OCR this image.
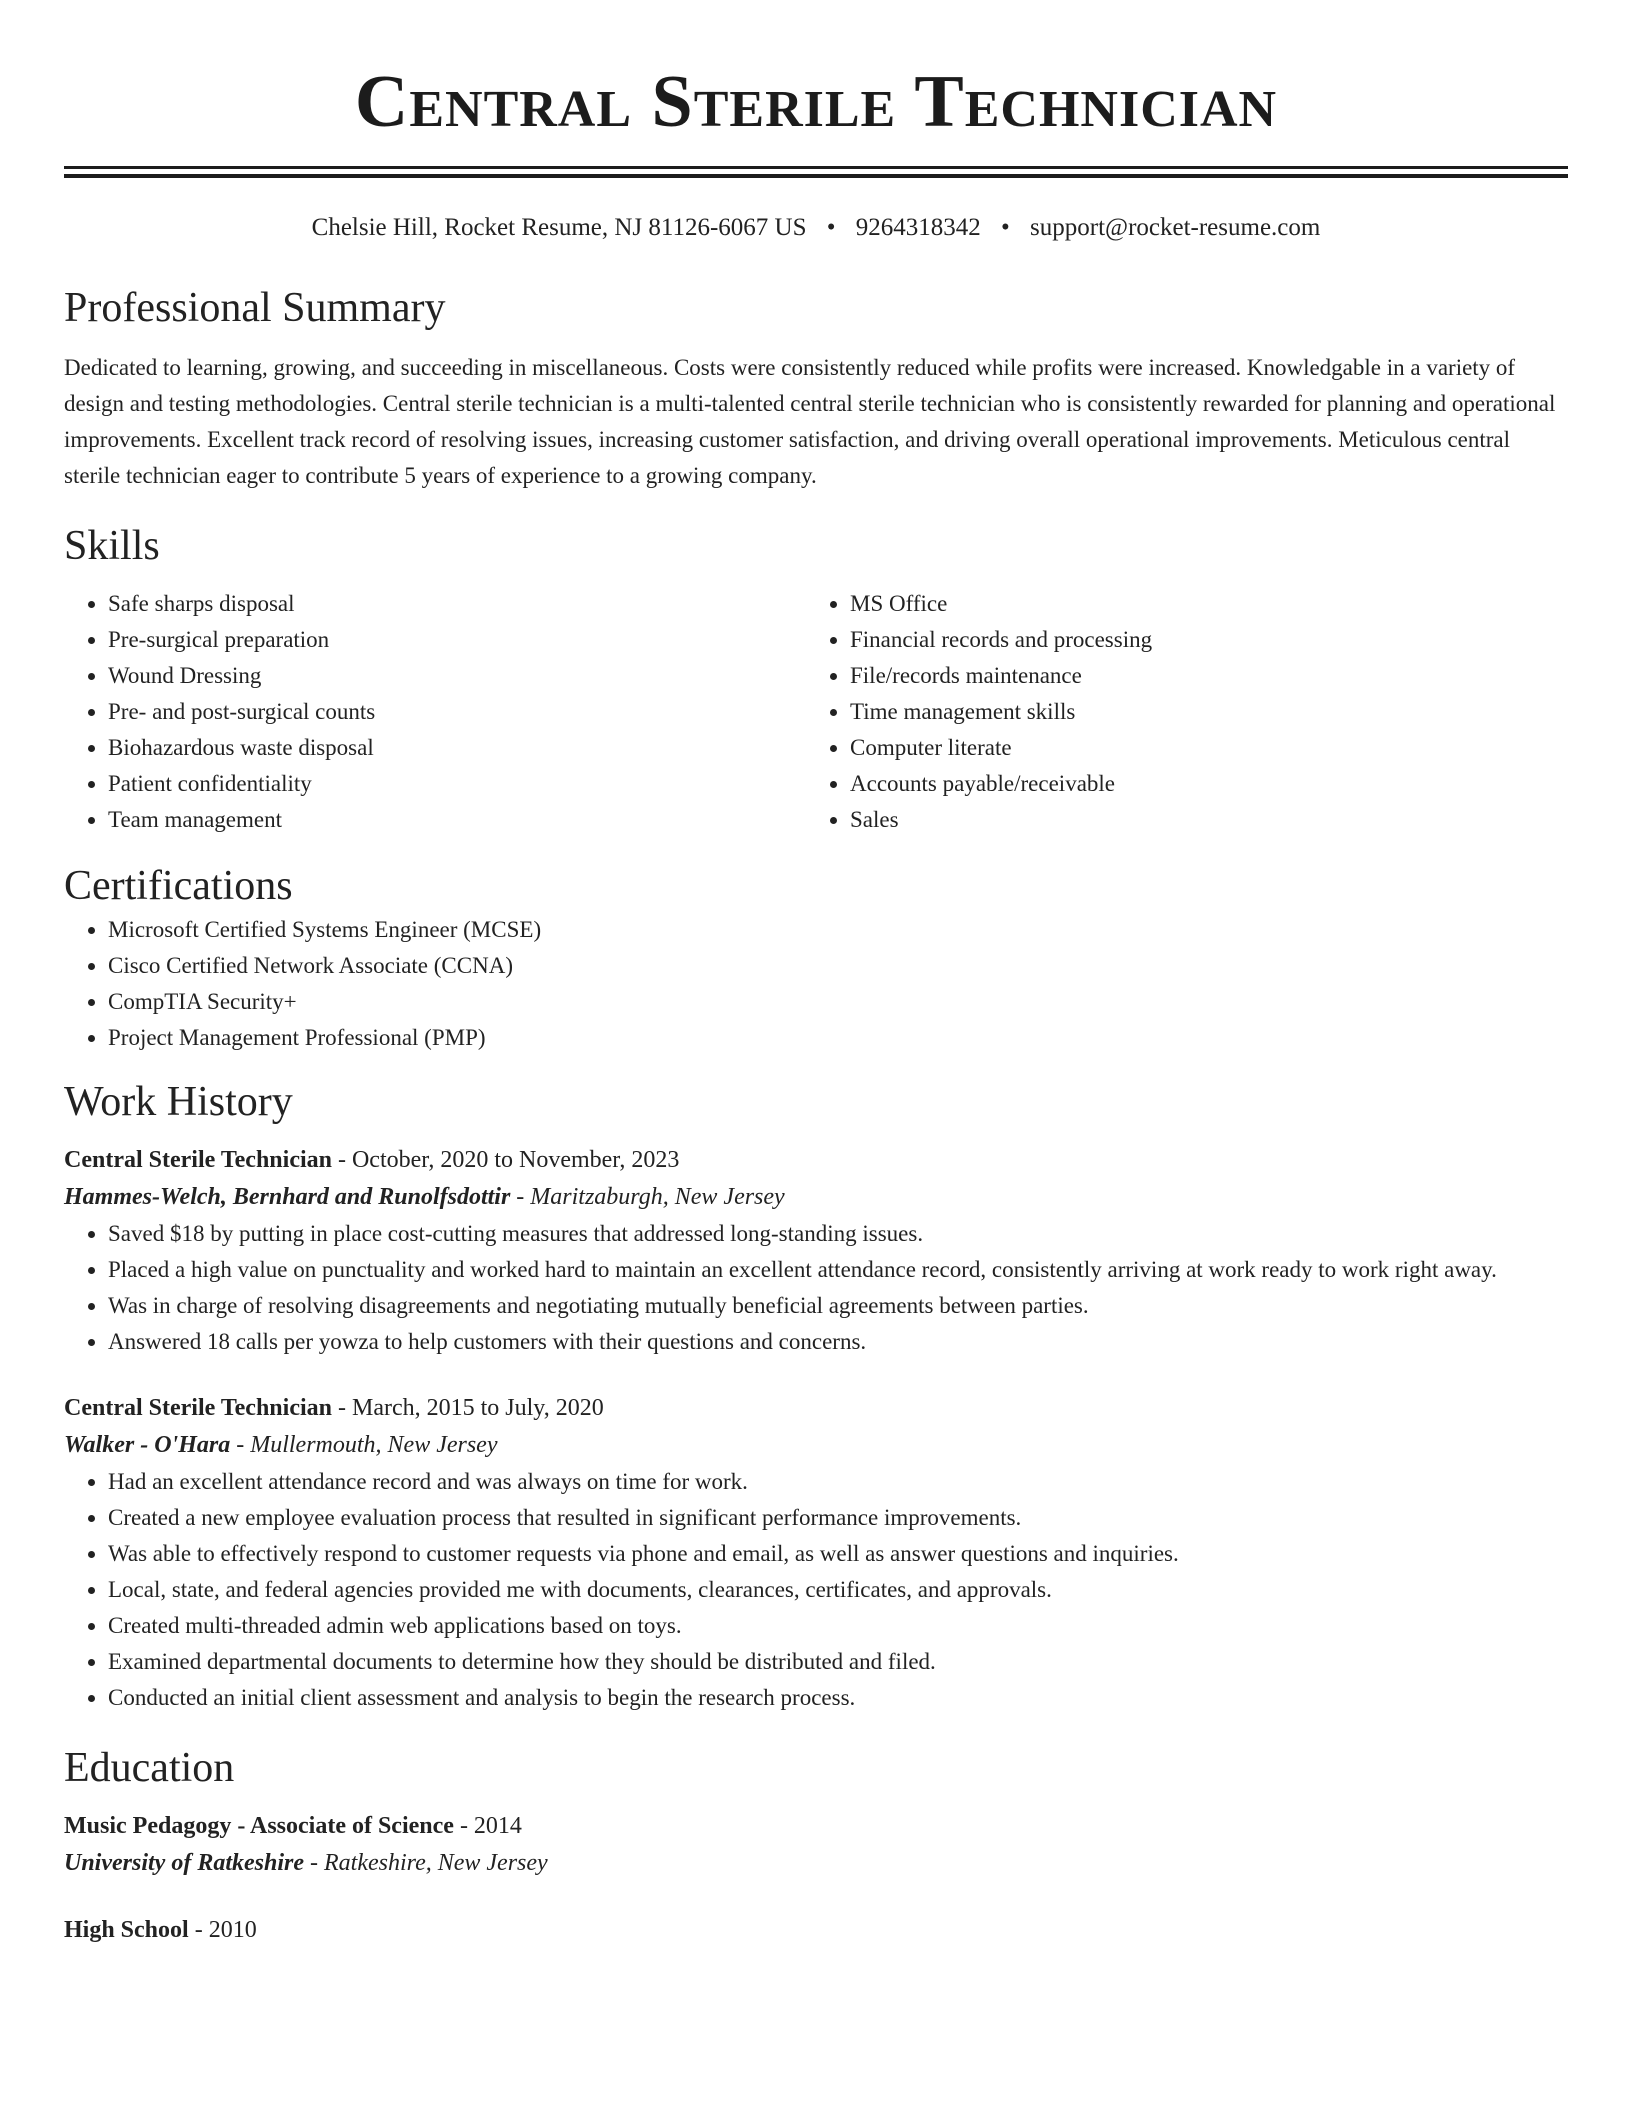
Central Sterile Technician
Chelsie Hill, Rocket Resume, NJ 81126-6067 US • 9264318342 • support@rocket-resume.com
Professional Summary
Dedicated to learning, growing, and succeeding in miscellaneous. Costs were consistently reduced while profits were increased. Knowledgable in a variety of design and testing methodologies. Central sterile technician is a multi-talented central sterile technician who is consistently rewarded for planning and operational improvements. Excellent track record of resolving issues, increasing customer satisfaction, and driving overall operational improvements. Meticulous central sterile technician eager to contribute 5 years of experience to a growing company.
Skills
• Safe sharps disposal
• Pre-surgical preparation
• Wound Dressing
• Pre- and post-surgical counts
• Biohazardous waste disposal
• Patient confidentiality
• Team management
• MS Office
• Financial records and processing
• File/records maintenance
• Time management skills
• Computer literate
• Accounts payable/receivable
• Sales
Certifications
• Microsoft Certified Systems Engineer (MCSE)
• Cisco Certified Network Associate (CCNA)
• CompTIA Security+
• Project Management Professional (PMP)
Work History
Central Sterile Technician - October, 2020 to November, 2023
Hammes-Welch, Bernhard and Runolfsdottir - Maritzaburgh, New Jersey
• Saved $18 by putting in place cost-cutting measures that addressed long-standing issues.
• Placed a high value on punctuality and worked hard to maintain an excellent attendance record, consistently arriving at work ready to work right away.
• Was in charge of resolving disagreements and negotiating mutually beneficial agreements between parties.
• Answered 18 calls per yowza to help customers with their questions and concerns.
Central Sterile Technician - March, 2015 to July, 2020
Walker - O'Hara - Mullermouth, New Jersey
• Had an excellent attendance record and was always on time for work.
• Created a new employee evaluation process that resulted in significant performance improvements.
• Was able to effectively respond to customer requests via phone and email, as well as answer questions and inquiries.
• Local, state, and federal agencies provided me with documents, clearances, certificates, and approvals.
• Created multi-threaded admin web applications based on toys.
• Examined departmental documents to determine how they should be distributed and filed.
• Conducted an initial client assessment and analysis to begin the research process.
Education
Music Pedagogy - Associate of Science - 2014
University of Ratkeshire - Ratkeshire, New Jersey
High School - 2010
